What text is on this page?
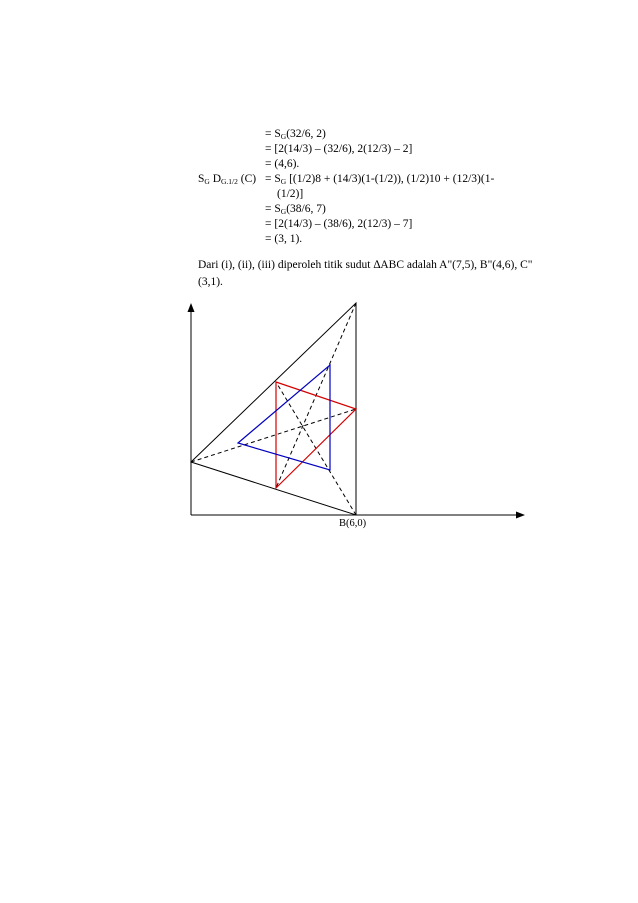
= $S_G(32/6$, 2)
= [2(14/3) – (32/6), 2(12/3) – 2]
= (4,6).
$S_G$ $D_{G.1/2}$ $(C) = S_G$ [(1/2)8 + (14/3)(1-(1/2)), (1/2)10 + (12/3)(1-
(1/2)]
= $S_G(38/6$, 7)
= [2(14/3) – (38/6), 2(12/3) – 7]
= (3, 1).
Dari (i), (ii), (iii) diperoleh titik sudut ∆ABC adalah A"(7,5), B"(4,6), C"(3,1).
B(6,0)
